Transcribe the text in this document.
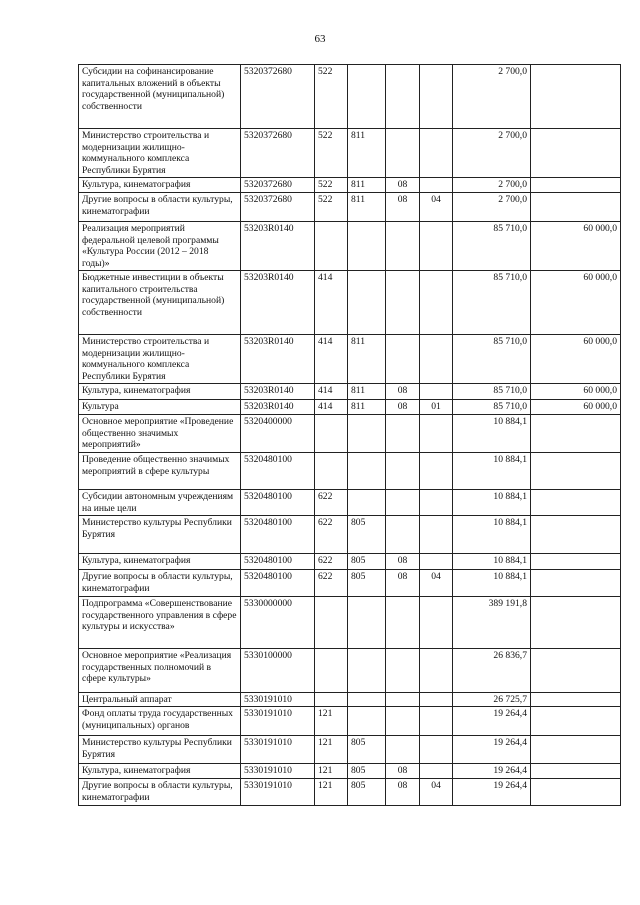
63
Субсидии на софинансирование капитальных вложений в объекты государственной (муниципальной) собственности	5320372680	522				2 700,0	
Министерство строительства и модернизации жилищно-коммунального комплекса Республики Бурятия	5320372680	522	811			2 700,0	
Культура, кинематография	5320372680	522	811	08		2 700,0	
Другие вопросы в области культуры, кинематографии	5320372680	522	811	08	04	2 700,0	
Реализация мероприятий федеральной целевой программы «Культура России (2012 – 2018 годы)»	53203R0140					85 710,0	60 000,0
Бюджетные инвестиции в объекты капитального строительства государственной (муниципальной) собственности	53203R0140	414				85 710,0	60 000,0
Министерство строительства и модернизации жилищно-коммунального комплекса Республики Бурятия	53203R0140	414	811			85 710,0	60 000,0
Культура, кинематография	53203R0140	414	811	08		85 710,0	60 000,0
Культура	53203R0140	414	811	08	01	85 710,0	60 000,0
Основное мероприятие «Проведение общественно значимых мероприятий»	5320400000					10 884,1	
Проведение общественно значимых мероприятий в сфере культуры	5320480100					10 884,1	
Субсидии автономным учреждениям на иные цели	5320480100	622				10 884,1	
Министерство культуры Республики Бурятия	5320480100	622	805			10 884,1	
Культура, кинематография	5320480100	622	805	08		10 884,1	
Другие вопросы в области культуры, кинематографии	5320480100	622	805	08	04	10 884,1	
Подпрограмма «Совершенствование государственного управления в сфере культуры и искусства»	5330000000					389 191,8	
Основное мероприятие «Реализация государственных полномочий в сфере культуры»	5330100000					26 836,7	
Центральный аппарат	5330191010					26 725,7	
Фонд оплаты труда государственных (муниципальных) органов	5330191010	121				19 264,4	
Министерство культуры Республики Бурятия	5330191010	121	805			19 264,4	
Культура, кинематография	5330191010	121	805	08		19 264,4	
Другие вопросы в области культуры, кинематографии	5330191010	121	805	08	04	19 264,4	
